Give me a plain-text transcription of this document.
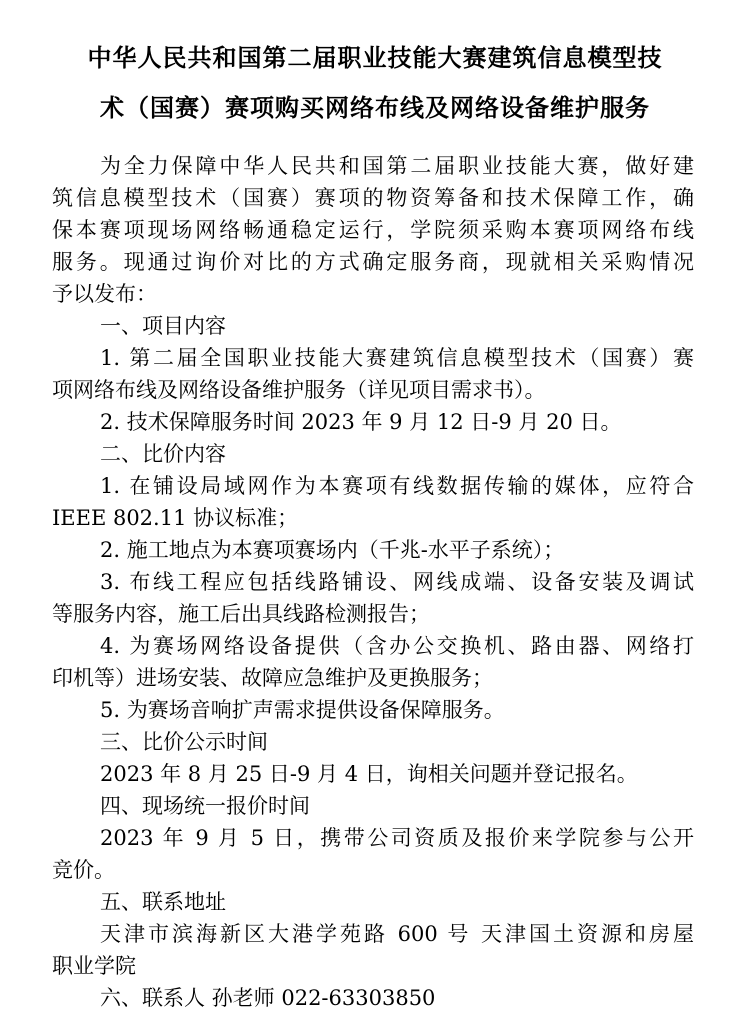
中华人民共和国第二届职业技能大赛建筑信息模型技
术（国赛）赛项购买网络布线及网络设备维护服务
为全力保障中华人民共和国第二届职业技能大赛，做好建
筑信息模型技术（国赛）赛项的物资筹备和技术保障工作，确
保本赛项现场网络畅通稳定运行，学院须采购本赛项网络布线
服务。现通过询价对比的方式确定服务商，现就相关采购情况
予以发布：
一、项目内容
1. 第二届全国职业技能大赛建筑信息模型技术（国赛）赛
项网络布线及网络设备维护服务（详见项目需求书）。
2. 技术保障服务时间 2023 年 9 月 12 日-9 月 20 日。
二、比价内容
1. 在铺设局域网作为本赛项有线数据传输的媒体，应符合
IEEE 802.11 协议标准；
2. 施工地点为本赛项赛场内（千兆-水平子系统）；
3. 布线工程应包括线路铺设、网线成端、设备安装及调试
等服务内容，施工后出具线路检测报告；
4. 为赛场网络设备提供（含办公交换机、路由器、网络打
印机等）进场安装、故障应急维护及更换服务；
5. 为赛场音响扩声需求提供设备保障服务。
三、比价公示时间
2023 年 8 月 25 日-9 月 4 日，询相关问题并登记报名。
四、现场统一报价时间
2023 年 9 月 5 日，携带公司资质及报价来学院参与公开
竞价。
五、联系地址
天津市滨海新区大港学苑路 600 号 天津国土资源和房屋
职业学院
六、联系人 孙老师 022-63303850
